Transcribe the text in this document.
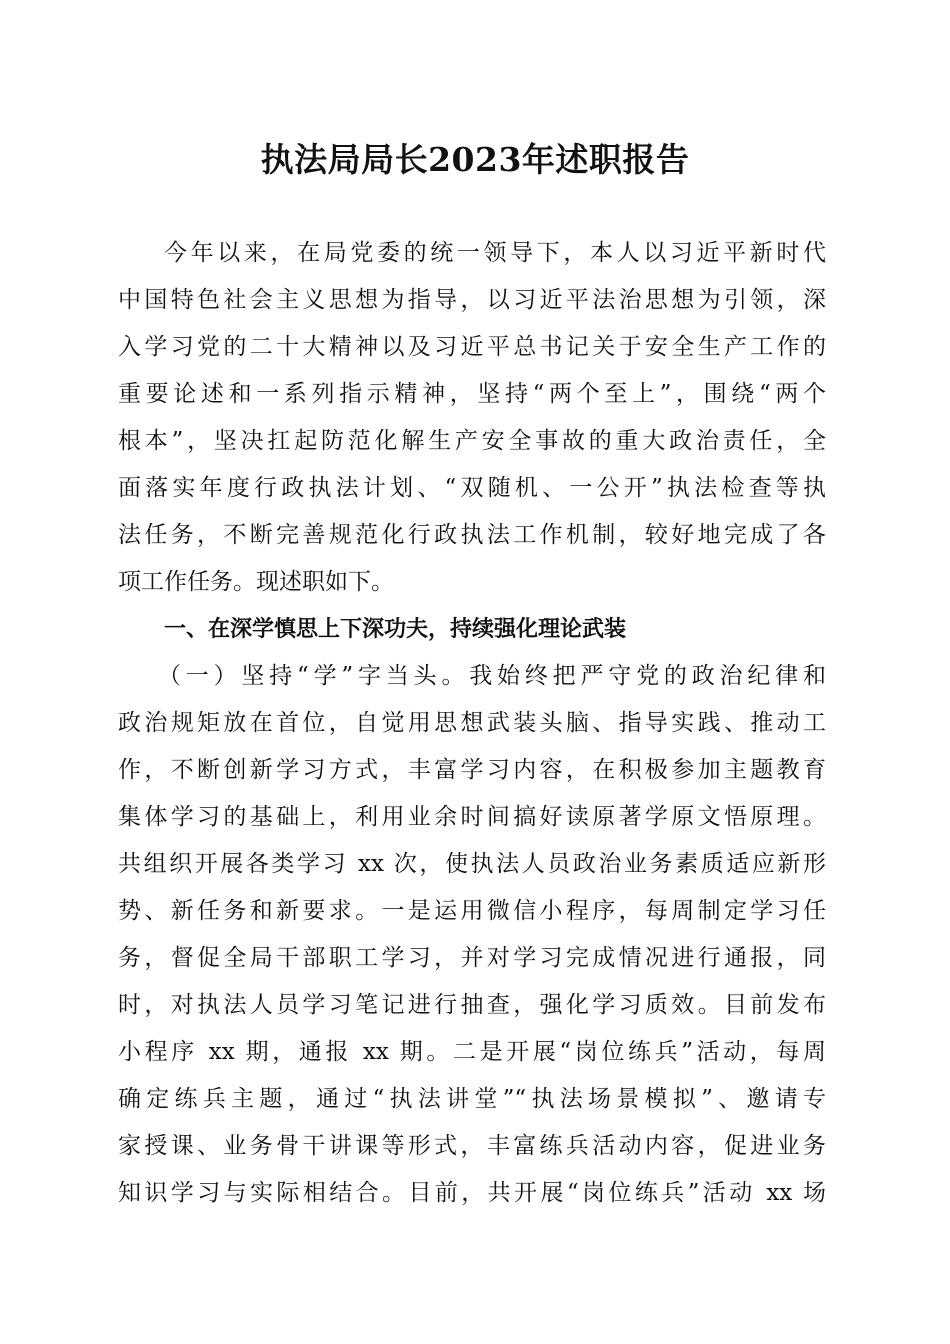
执法局局长2023年述职报告
今年以来，在局党委的统一领导下，本人以习近平新时代
中国特色社会主义思想为指导，以习近平法治思想为引领，深
入学习党的二十大精神以及习近平总书记关于安全生产工作的
重要论述和一系列指示精神，坚持“两个至上”，围绕“两个
根本”，坚决扛起防范化解生产安全事故的重大政治责任，全
面落实年度行政执法计划、“双随机、一公开”执法检查等执
法任务，不断完善规范化行政执法工作机制，较好地完成了各
项工作任务。现述职如下。
一、在深学慎思上下深功夫，持续强化理论武装
（一）坚持“学”字当头。我始终把严守党的政治纪律和
政治规矩放在首位，自觉用思想武装头脑、指导实践、推动工
作，不断创新学习方式，丰富学习内容，在积极参加主题教育
集体学习的基础上，利用业余时间搞好读原著学原文悟原理。
共组织开展各类学习 xx 次，使执法人员政治业务素质适应新形
势、新任务和新要求。一是运用微信小程序，每周制定学习任
务，督促全局干部职工学习，并对学习完成情况进行通报，同
时，对执法人员学习笔记进行抽查，强化学习质效。目前发布
小程序 xx 期，通报 xx 期。二是开展“岗位练兵”活动，每周
确定练兵主题，通过“执法讲堂”“执法场景模拟”、邀请专
家授课、业务骨干讲课等形式，丰富练兵活动内容，促进业务
知识学习与实际相结合。目前，共开展“岗位练兵”活动 xx 场
